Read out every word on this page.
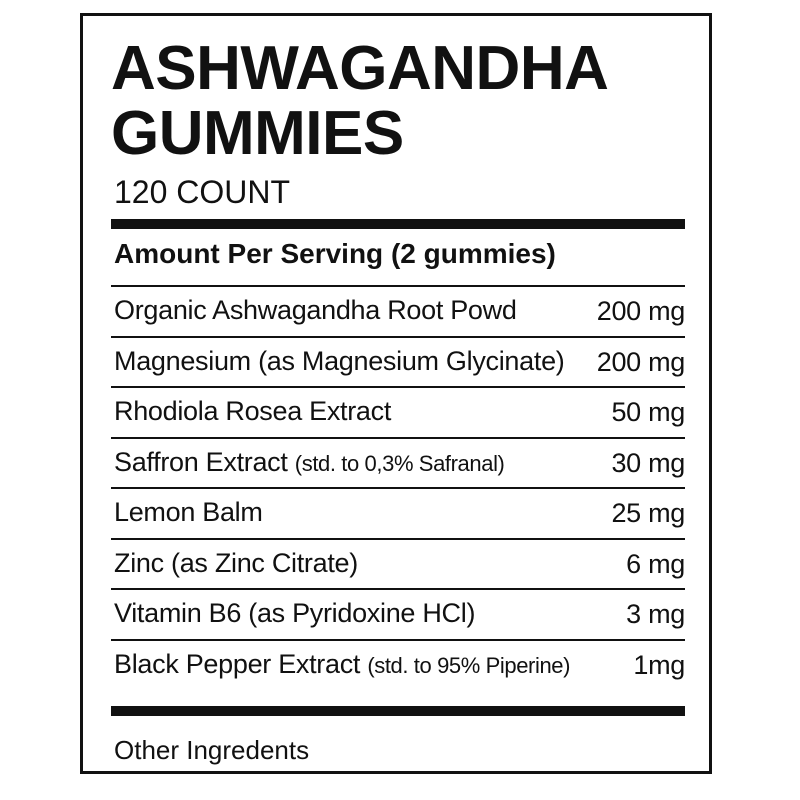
ASHWAGANDHA
GUMMIES
120 COUNT
Amount Per Serving (2 gummies)
Organic Ashwagandha Root Powd	200 mg
Magnesium (as Magnesium Glycinate)	200 mg
Rhodiola Rosea Extract	50 mg
Saffron Extract (std. to 0,3% Safranal)	30 mg
Lemon Balm	25 mg
Zinc (as Zinc Citrate)	6 mg
Vitamin B6 (as Pyridoxine HCl)	3 mg
Black Pepper Extract (std. to 95% Piperine)	1mg
Other Ingredents
